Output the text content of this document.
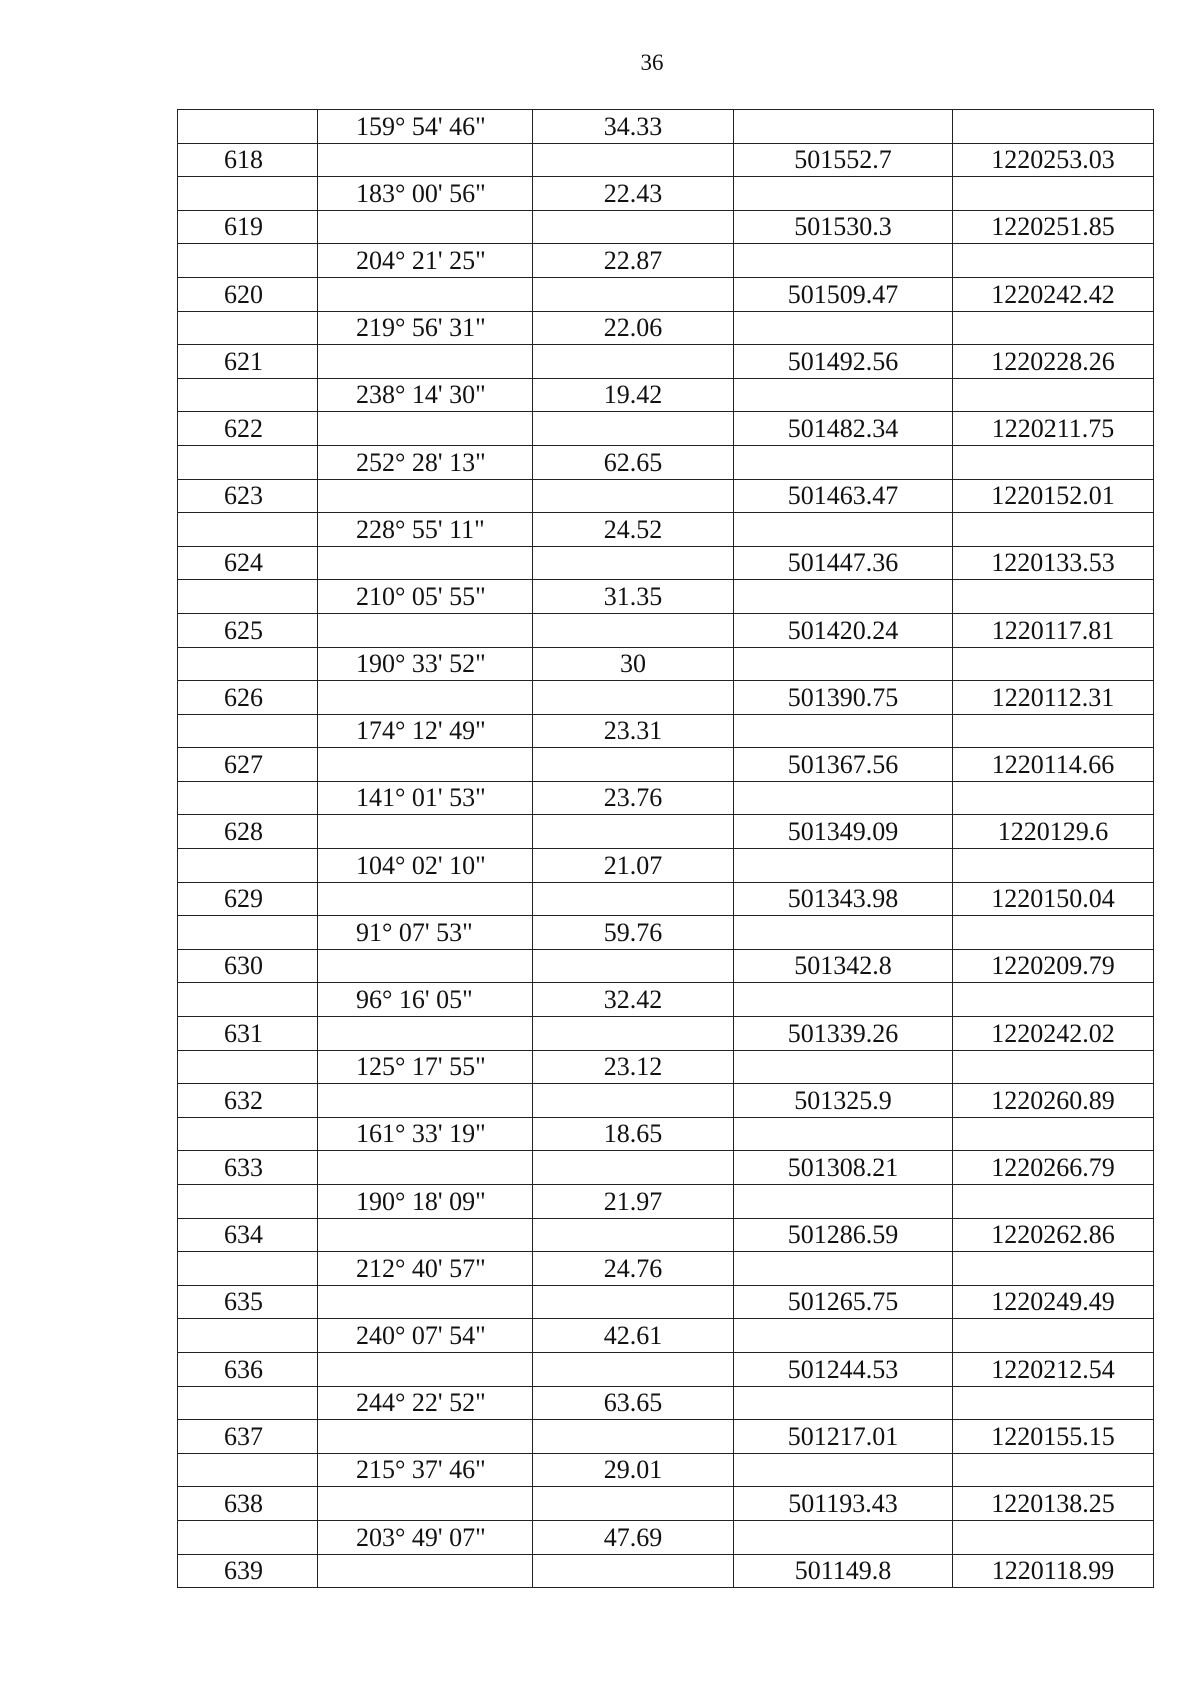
36
	159° 54' 46"	34.33		
618			501552.7	1220253.03
	183° 00' 56"	22.43		
619			501530.3	1220251.85
	204° 21' 25"	22.87		
620			501509.47	1220242.42
	219° 56' 31"	22.06		
621			501492.56	1220228.26
	238° 14' 30"	19.42		
622			501482.34	1220211.75
	252° 28' 13"	62.65		
623			501463.47	1220152.01
	228° 55' 11"	24.52		
624			501447.36	1220133.53
	210° 05' 55"	31.35		
625			501420.24	1220117.81
	190° 33' 52"	30		
626			501390.75	1220112.31
	174° 12' 49"	23.31		
627			501367.56	1220114.66
	141° 01' 53"	23.76		
628			501349.09	1220129.6
	104° 02' 10"	21.07		
629			501343.98	1220150.04
	91° 07' 53"	59.76		
630			501342.8	1220209.79
	96° 16' 05"	32.42		
631			501339.26	1220242.02
	125° 17' 55"	23.12		
632			501325.9	1220260.89
	161° 33' 19"	18.65		
633			501308.21	1220266.79
	190° 18' 09"	21.97		
634			501286.59	1220262.86
	212° 40' 57"	24.76		
635			501265.75	1220249.49
	240° 07' 54"	42.61		
636			501244.53	1220212.54
	244° 22' 52"	63.65		
637			501217.01	1220155.15
	215° 37' 46"	29.01		
638			501193.43	1220138.25
	203° 49' 07"	47.69		
639			501149.8	1220118.99
